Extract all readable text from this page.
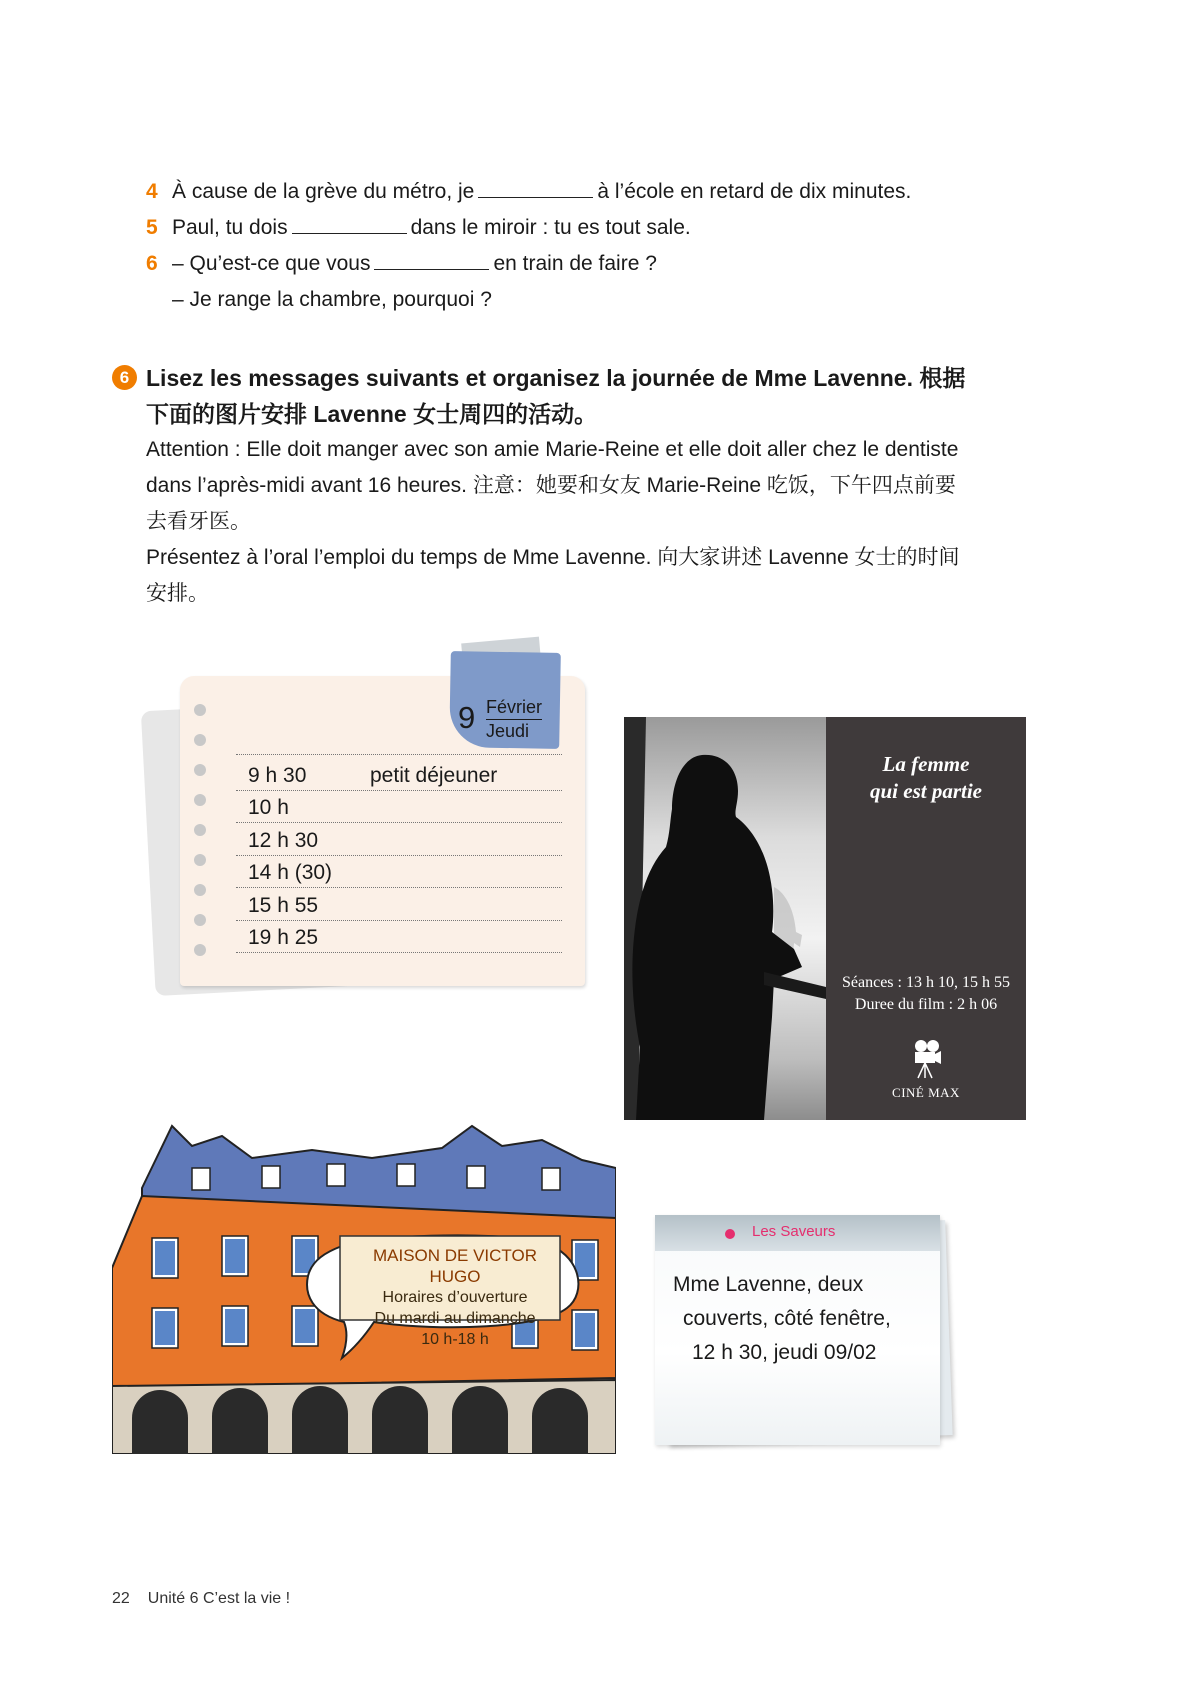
4 À cause de la grève du métro, je	à l’école en retard de dix minutes.
5 Paul, tu dois	dans le miroir : tu es tout sale.
6 – Qu’est-ce que vous	en train de faire ?
– Je range la chambre, pourquoi ?
6 Lisez les messages suivants et organisez la journée de Mme Lavenne. 根据
下面的图片安排 Lavenne 女士周四的活动。
Attention : Elle doit manger avec son amie Marie-Reine et elle doit aller chez le dentiste
dans l’après-midi avant 16 heures. 注意：她要和女友 Marie-Reine 吃饭，下午四点前要
去看牙医。
Présentez à l’oral l’emploi du temps de Mme Lavenne. 向大家讲述 Lavenne 女士的时间
安排。
9 Février
Jeudi
9 h 30	petit déjeuner
10 h
12 h 30
14 h (30)
15 h 55
19 h 25
La femme
qui est partie
Séances : 13 h 10, 15 h 55
Duree du film : 2 h 06
CINÉ MAX
MAISON DE VICTOR HUGO
Horaires d’ouverture
Du mardi au dimanche
10 h-18 h
Les Saveurs
Mme Lavenne, deux
couverts, côté fenêtre,
12 h 30, jeudi 09/02
22 Unité 6 C’est la vie !
